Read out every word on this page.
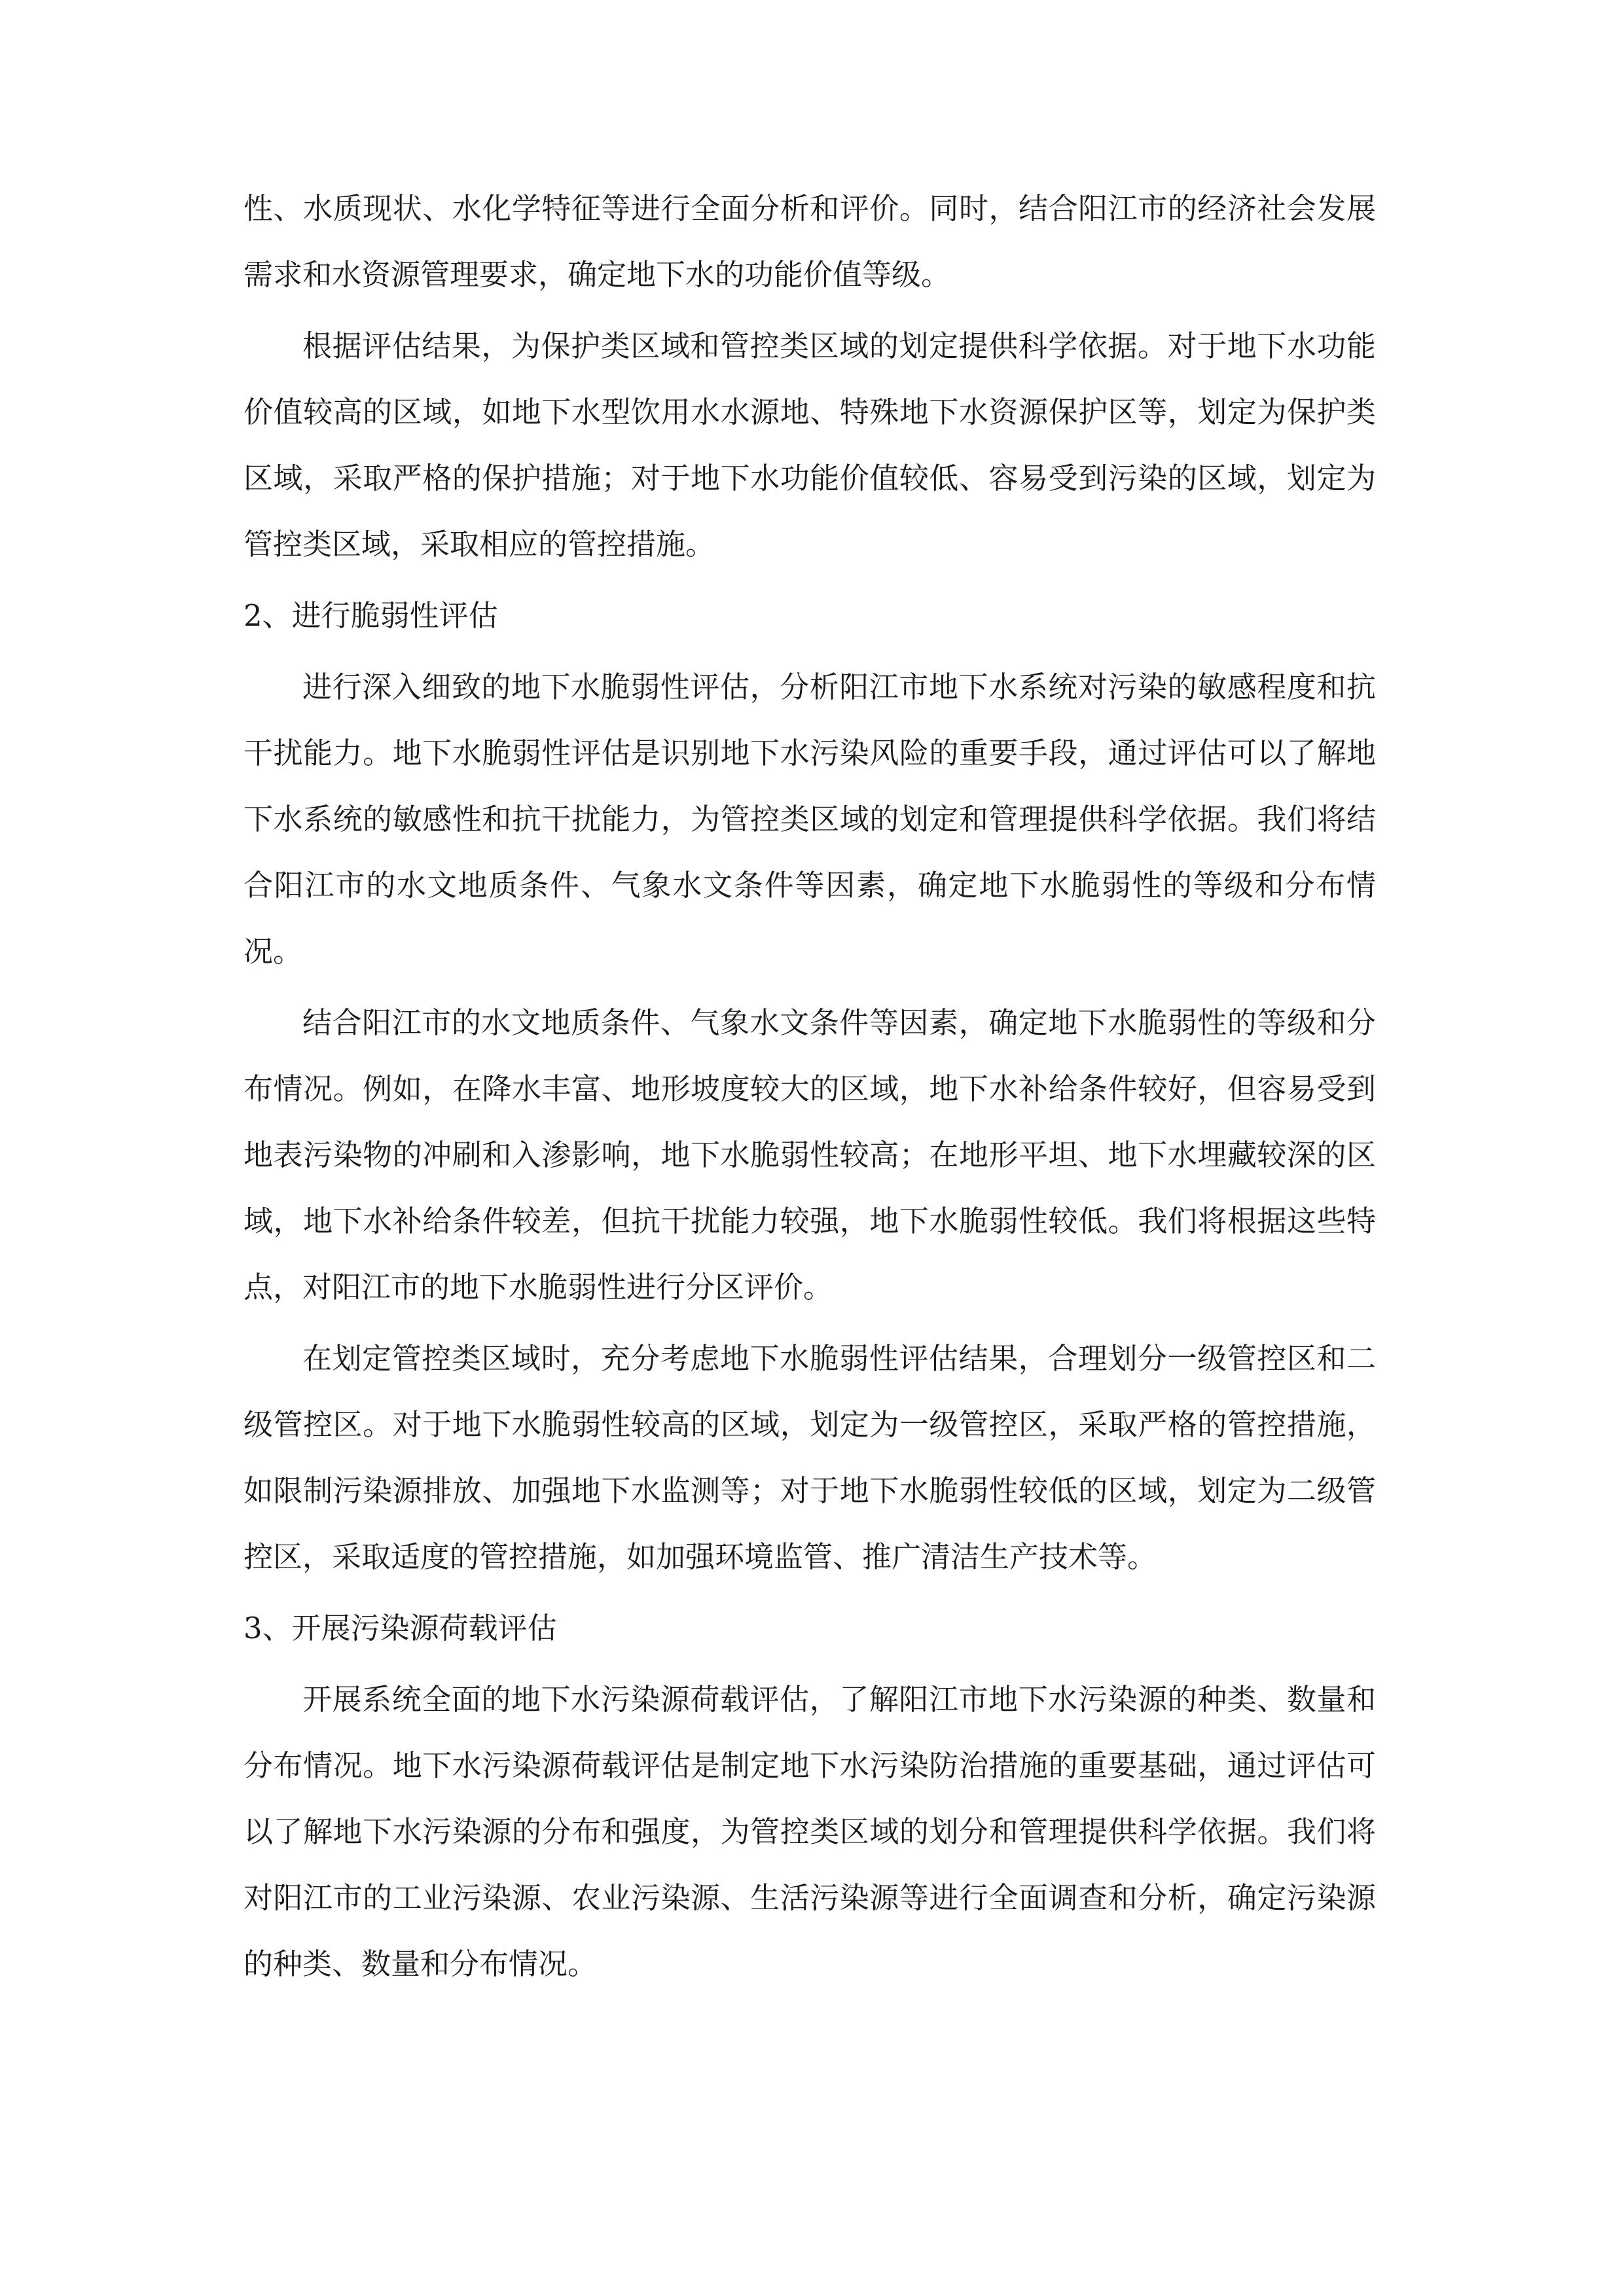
性、水质现状、水化学特征等进行全面分析和评价。同时，结合阳江市的经济社会发展需求和水资源管理要求，确定地下水的功能价值等级。

根据评估结果，为保护类区域和管控类区域的划定提供科学依据。对于地下水功能价值较高的区域，如地下水型饮用水水源地、特殊地下水资源保护区等，划定为保护类区域，采取严格的保护措施；对于地下水功能价值较低、容易受到污染的区域，划定为管控类区域，采取相应的管控措施。

2、进行脆弱性评估

进行深入细致的地下水脆弱性评估，分析阳江市地下水系统对污染的敏感程度和抗干扰能力。地下水脆弱性评估是识别地下水污染风险的重要手段，通过评估可以了解地下水系统的敏感性和抗干扰能力，为管控类区域的划定和管理提供科学依据。我们将结合阳江市的水文地质条件、气象水文条件等因素，确定地下水脆弱性的等级和分布情况。

结合阳江市的水文地质条件、气象水文条件等因素，确定地下水脆弱性的等级和分布情况。例如，在降水丰富、地形坡度较大的区域，地下水补给条件较好，但容易受到地表污染物的冲刷和入渗影响，地下水脆弱性较高；在地形平坦、地下水埋藏较深的区域，地下水补给条件较差，但抗干扰能力较强，地下水脆弱性较低。我们将根据这些特点，对阳江市的地下水脆弱性进行分区评价。

在划定管控类区域时，充分考虑地下水脆弱性评估结果，合理划分一级管控区和二级管控区。对于地下水脆弱性较高的区域，划定为一级管控区，采取严格的管控措施，如限制污染源排放、加强地下水监测等；对于地下水脆弱性较低的区域，划定为二级管控区，采取适度的管控措施，如加强环境监管、推广清洁生产技术等。

3、开展污染源荷载评估

开展系统全面的地下水污染源荷载评估，了解阳江市地下水污染源的种类、数量和分布情况。地下水污染源荷载评估是制定地下水污染防治措施的重要基础，通过评估可以了解地下水污染源的分布和强度，为管控类区域的划分和管理提供科学依据。我们将对阳江市的工业污染源、农业污染源、生活污染源等进行全面调查和分析，确定污染源的种类、数量和分布情况。
